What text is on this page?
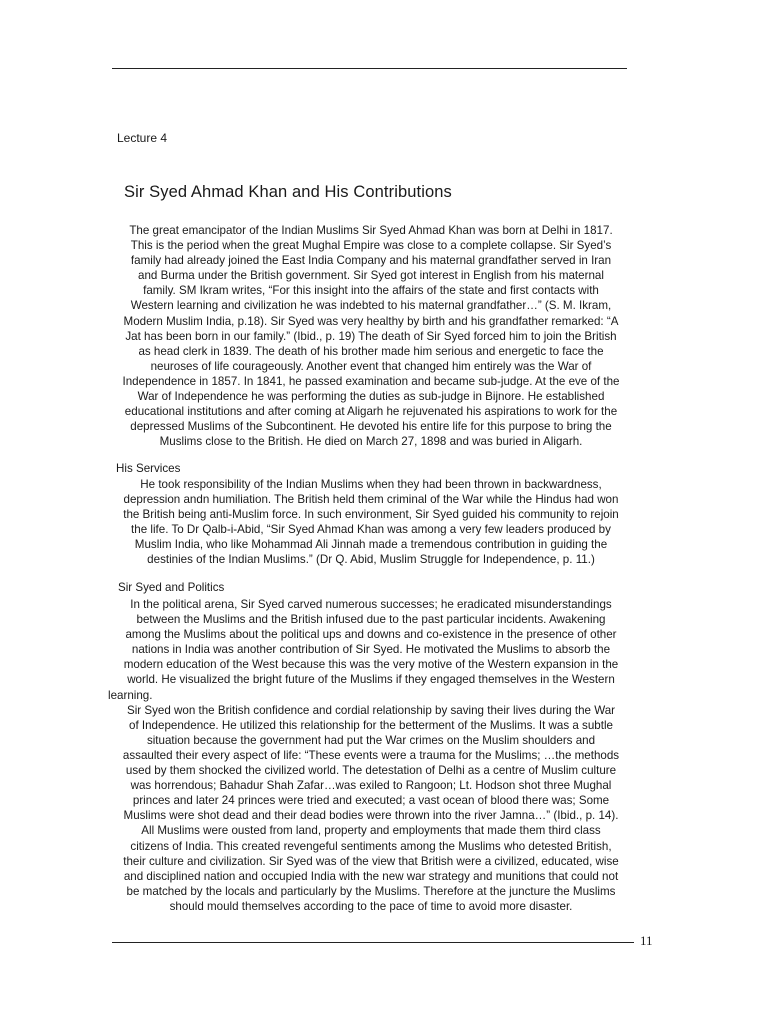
Lecture 4
Sir Syed Ahmad Khan and His Contributions

The great emancipator of the Indian Muslims Sir Syed Ahmad Khan was born at Delhi in 1817.

This is the period when the great Mughal Empire was close to a complete collapse. Sir Syed’s

family had already joined the East India Company and his maternal grandfather served in Iran

and Burma under the British government. Sir Syed got interest in English from his maternal

family. SM Ikram writes, “For this insight into the affairs of the state and first contacts with

Western learning and civilization he was indebted to his maternal grandfather…” (S. M. Ikram,

Modern Muslim India, p.18). Sir Syed was very healthy by birth and his grandfather remarked: “A

Jat has been born in our family.” (Ibid., p. 19) The death of Sir Syed forced him to join the British

as head clerk in 1839. The death of his brother made him serious and energetic to face the

neuroses of life courageously. Another event that changed him entirely was the War of

Independence in 1857. In 1841, he passed examination and became sub-judge. At the eve of the

War of Independence he was performing the duties as sub-judge in Bijnore. He established

educational institutions and after coming at Aligarh he rejuvenated his aspirations to work for the

depressed Muslims of the Subcontinent. He devoted his entire life for this purpose to bring the

Muslims close to the British. He died on March 27, 1898 and was buried in Aligarh.

His Services

He took responsibility of the Indian Muslims when they had been thrown in backwardness,

depression andn humiliation. The British held them criminal of the War while the Hindus had won

the British being anti-Muslim force. In such environment, Sir Syed guided his community to rejoin

the life. To Dr Qalb-i-Abid, “Sir Syed Ahmad Khan was among a very few leaders produced by

Muslim India, who like Mohammad Ali Jinnah made a tremendous contribution in guiding the

destinies of the Indian Muslims.” (Dr Q. Abid, Muslim Struggle for Independence, p. 11.)

Sir Syed and Politics

In the political arena, Sir Syed carved numerous successes; he eradicated misunderstandings

between the Muslims and the British infused due to the past particular incidents. Awakening

among the Muslims about the political ups and downs and co-existence in the presence of other

nations in India was another contribution of Sir Syed. He motivated the Muslims to absorb the

modern education of the West because this was the very motive of the Western expansion in the

world. He visualized the bright future of the Muslims if they engaged themselves in the Western

learning.

Sir Syed won the British confidence and cordial relationship by saving their lives during the War

of Independence. He utilized this relationship for the betterment of the Muslims. It was a subtle

situation because the government had put the War crimes on the Muslim shoulders and

assaulted their every aspect of life: “These events were a trauma for the Muslims; …the methods

used by them shocked the civilized world. The detestation of Delhi as a centre of Muslim culture

was horrendous; Bahadur Shah Zafar…was exiled to Rangoon; Lt. Hodson shot three Mughal

princes and later 24 princes were tried and executed; a vast ocean of blood there was; Some

Muslims were shot dead and their dead bodies were thrown into the river Jamna…” (Ibid., p. 14).

All Muslims were ousted from land, property and employments that made them third class

citizens of India. This created revengeful sentiments among the Muslims who detested British,

their culture and civilization. Sir Syed was of the view that British were a civilized, educated, wise

and disciplined nation and occupied India with the new war strategy and munitions that could not

be matched by the locals and particularly by the Muslims. Therefore at the juncture the Muslims

should mould themselves according to the pace of time to avoid more disaster.

11
